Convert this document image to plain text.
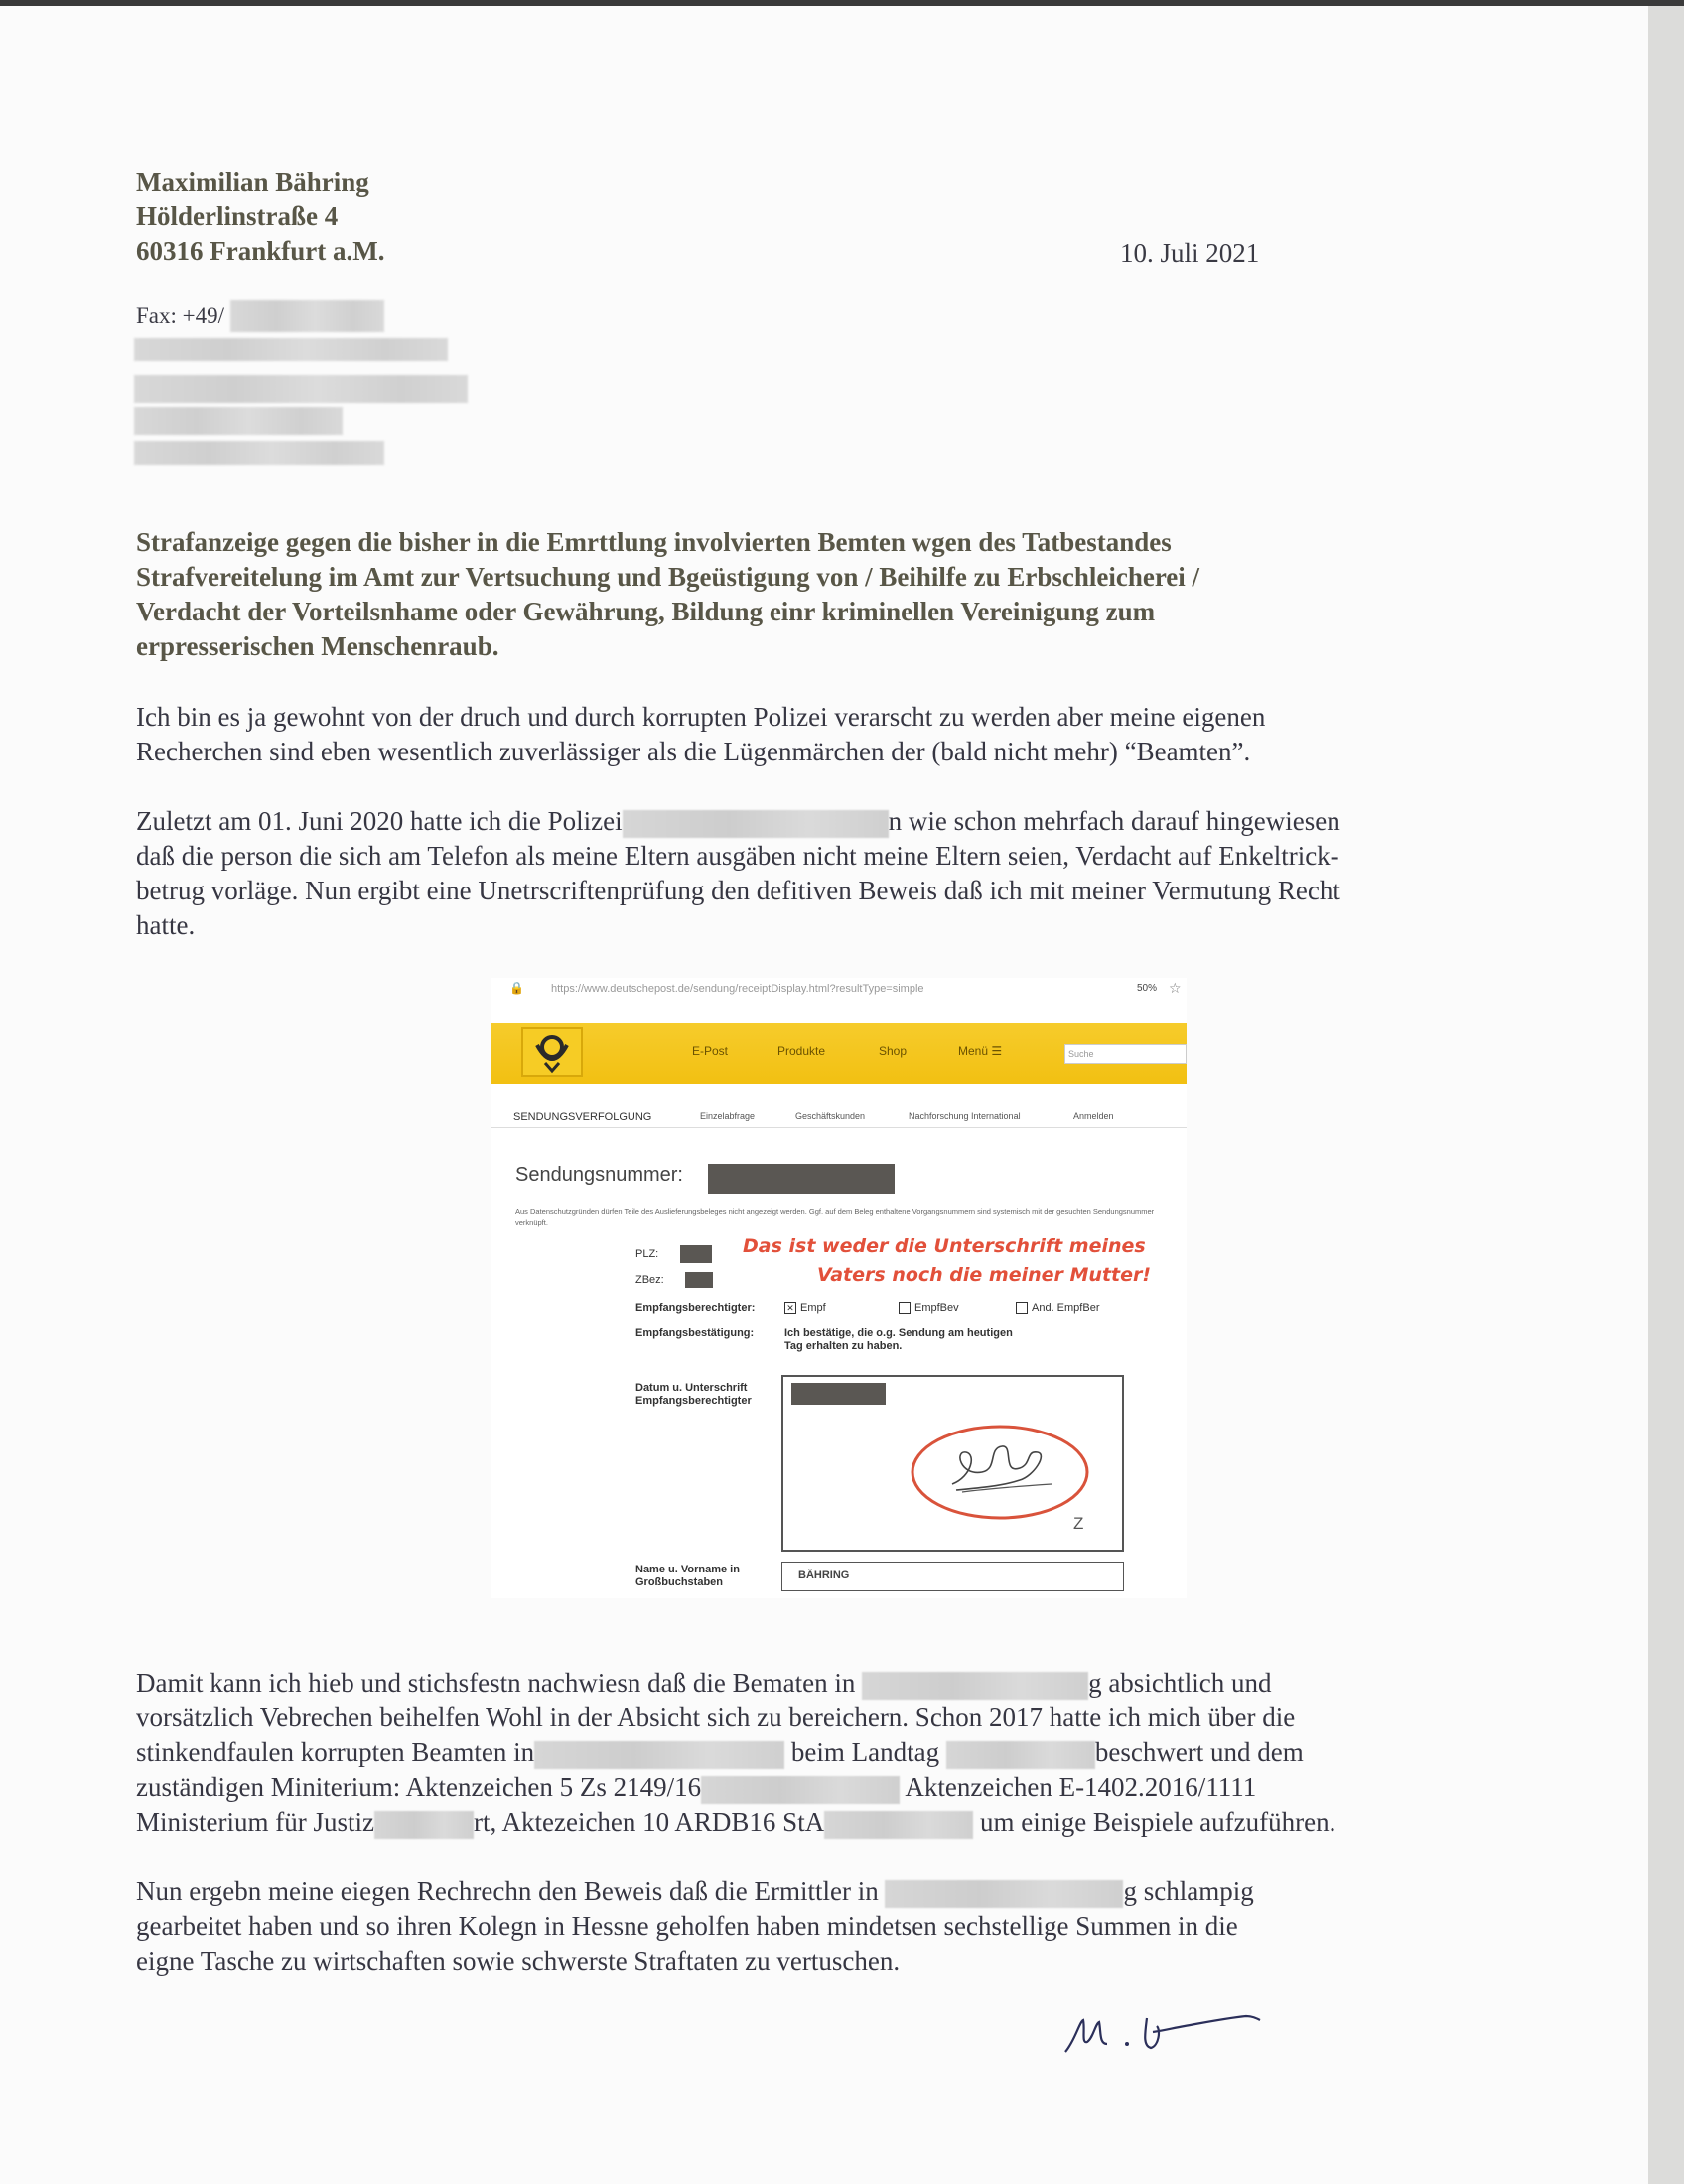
Maximilian Bähring
Hölderlinstraße 4
60316 Frankfurt a.M.	10. Juli 2021
Fax: +49/
Strafanzeige gegen die bisher in die Emrttlung involvierten Bemten wgen des Tatbestandes
Strafvereitelung im Amt zur Vertsuchung und Bgeüstigung von / Beihilfe zu Erbschleicherei /
Verdacht der Vorteilsnhame oder Gewährung, Bildung einr kriminellen Vereinigung zum
erpresserischen Menschenraub.
Ich bin es ja gewohnt von der druch und durch korrupten Polizei verarscht zu werden aber meine eigenen
Recherchen sind eben wesentlich zuverlässiger als die Lügenmärchen der (bald nicht mehr) “Beamten”.
Zuletzt am 01. Juni 2020 hatte ich die Polizei	n wie schon mehrfach darauf hingewiesen
daß die person die sich am Telefon als meine Eltern ausgäben nicht meine Eltern seien, Verdacht auf Enkeltrick-
betrug vorläge. Nun ergibt eine Unetrscriftenprüfung den defitiven Beweis daß ich mit meiner Vermutung Recht
hatte.
🔒 https://www.deutschepost.de/sendung/receiptDisplay.html?resultType=simple	50% ☆
E-Post	Produkte	Shop	Menü ☰	Suche
SENDUNGSVERFOLGUNG	Einzelabfrage	Geschäftskunden	Nachforschung International	Anmelden
Sendungsnummer:
Aus Datenschutzgründen dürfen Teile des Auslieferungsbeleges nicht angezeigt werden. Ggf. auf dem Beleg enthaltene Vorgangsnummern sind systemisch mit der gesuchten Sendungsnummer verknüpft.
PLZ:
ZBez:
Das ist weder die Unterschrift meines
Vaters noch die meiner Mutter!
Empfangsberechtigter:	✕ Empf	EmpfBev	And. EmpfBer
Empfangsbestätigung:	Ich bestätige, die o.g. Sendung am heutigen Tag erhalten zu haben.
Datum u. Unterschrift Empfangsberechtigter
Z
Name u. Vorname in Großbuchstaben
BÄHRING
Damit kann ich hieb und stichsfestn nachwiesn daß die Bematen in	g absichtlich und
vorsätzlich Vebrechen beihelfen Wohl in der Absicht sich zu bereichern. Schon 2017 hatte ich mich über die
stinkendfaulen korrupten Beamten in	beim Landtag	beschwert und dem
zuständigen Miniterium: Aktenzeichen 5 Zs 2149/16	Aktenzeichen E-1402.2016/1111
Ministerium für Justiz	rt, Aktezeichen 10 ARDB16 StA	um einige Beispiele aufzuführen.
Nun ergebn meine eiegen Rechrechn den Beweis daß die Ermittler in	g schlampig
gearbeitet haben und so ihren Kolegn in Hessne geholfen haben mindetsen sechstellige Summen in die
eigne Tasche zu wirtschaften sowie schwerste Straftaten zu vertuschen.
